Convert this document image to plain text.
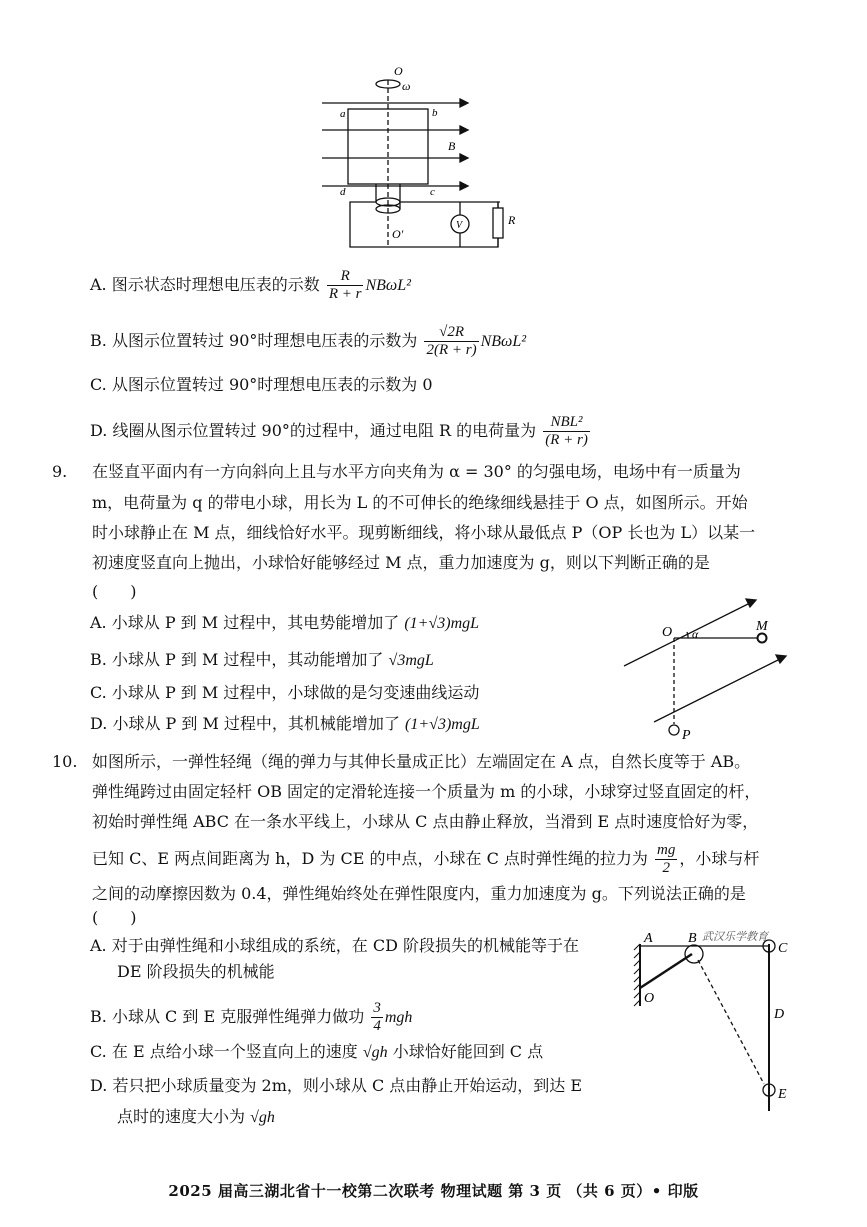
O
ω
a	b
c
d
B
O′
V	R
A. 图示状态时理想电压表的示数 $\frac{R}{R + r} NB\omega L^2$
B. 从图示位置转过 90°时理想电压表的示数为 $\frac{√2R}{2(R + r)} NB\omega L^2$
C. 从图示位置转过 90°时理想电压表的示数为 0
D. 线圈从图示位置转过 90°的过程中，通过电阻 R 的电荷量为 $\frac{\text{NBL²}}{(R + r)}$
9. 在竖直平面内有一方向斜向上且与水平方向夹角为 α = 30° 的匀强电场，电场中有一质量为
m，电荷量为 q 的带电小球，用长为 L 的不可伸长的绝缘细线悬挂于 O 点，如图所示。开始
时小球静止在 M 点，细线恰好水平。现剪断细线，将小球从最低点 P（OP 长也为 L）以某一
初速度竖直向上抛出，小球恰好能够经过 M 点，重力加速度为 g，则以下判断正确的是
(　　)
A. 小球从 P 到 M 过程中，其电势能增加了 (1+√3)mgL
B. 小球从 P 到 M 过程中，其动能增加了 √3mgL
C. 小球从 P 到 M 过程中，小球做的是匀变速曲线运动
D. 小球从 P 到 M 过程中，其机械能增加了 (1+√3)mgL
O α	M
P
10. 如图所示，一弹性轻绳（绳的弹力与其伸长量成正比）左端固定在 A 点，自然长度等于 AB。
弹性绳跨过由固定轻杆 OB 固定的定滑轮连接一个质量为 m 的小球，小球穿过竖直固定的杆，
初始时弹性绳 ABC 在一条水平线上，小球从 C 点由静止释放，当滑到 E 点时速度恰好为零，
已知 C、E 两点间距离为 h，D 为 CE 的中点，小球在 C 点时弹性绳的拉力为 $\frac{mg}{2}$ ，小球与杆
之间的动摩擦因数为 0.4，弹性绳始终处在弹性限度内，重力加速度为 g。下列说法正确的是
(　　)
A. 对于由弹性绳和小球组成的系统，在 CD 阶段损失的机械能等于在
DE 阶段损失的机械能
B. 小球从 C 到 E 克服弹性绳弹力做功 $\frac{3}{4}$ mgh
C. 在 E 点给小球一个竖直向上的速度 √gh 小球恰好能回到 C 点
D. 若只把小球质量变为 2m，则小球从 C 点由静止开始运动，到达 E
点时的速度大小为 √gh
A	B 武汉乐学教育
C
D
E
O
2025 届高三湖北省十一校第二次联考 物理试题 第 3 页 （共 6 页）• 印版
